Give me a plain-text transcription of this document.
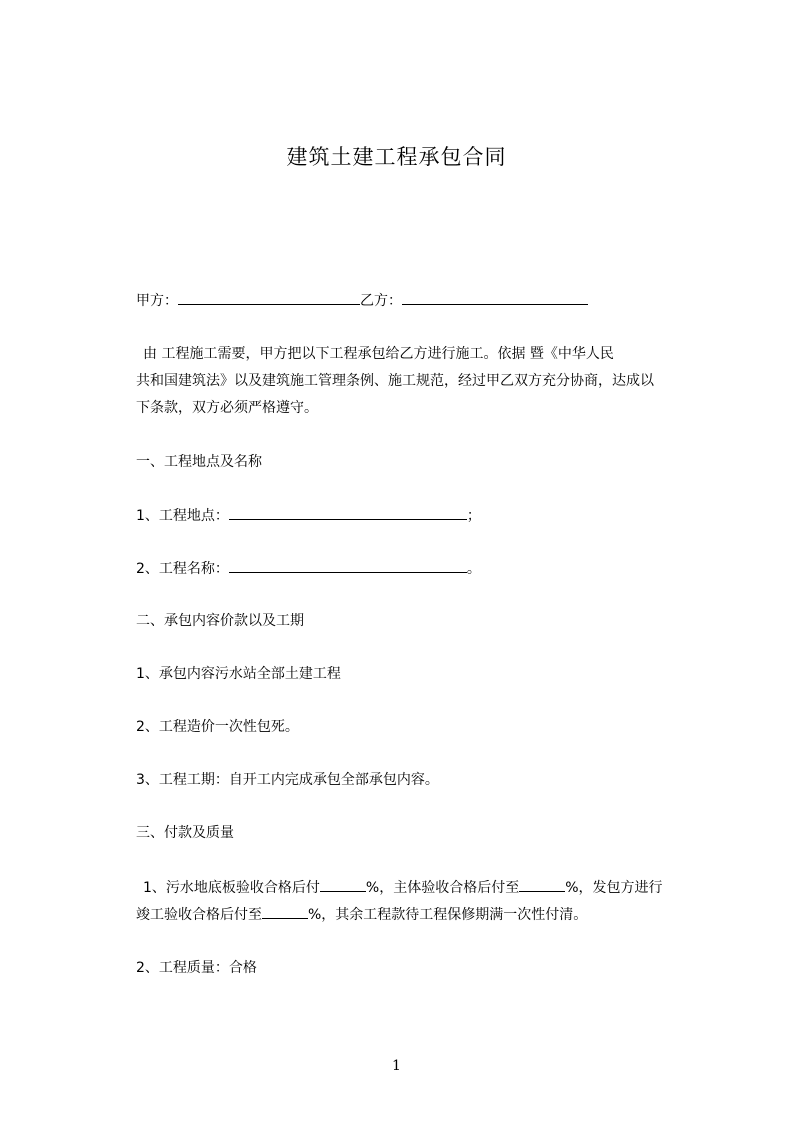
建筑土建工程承包合同
甲方：	乙方：
由 工程施工需要，甲方把以下工程承包给乙方进行施工。依据 暨《中华人民
共和国建筑法》以及建筑施工管理条例、施工规范，经过甲乙双方充分协商，达成以
下条款，双方必须严格遵守。
一、工程地点及名称
1、工程地点：	；
2、工程名称：	。
二、承包内容价款以及工期
1、承包内容污水站全部土建工程
2、工程造价一次性包死。
3、工程工期：自开工内完成承包全部承包内容。
三、付款及质量
1、污水地底板验收合格后付	%，主体验收合格后付至	%，发包方进行
竣工验收合格后付至	%，其余工程款待工程保修期满一次性付清。
2、工程质量：合格
1
